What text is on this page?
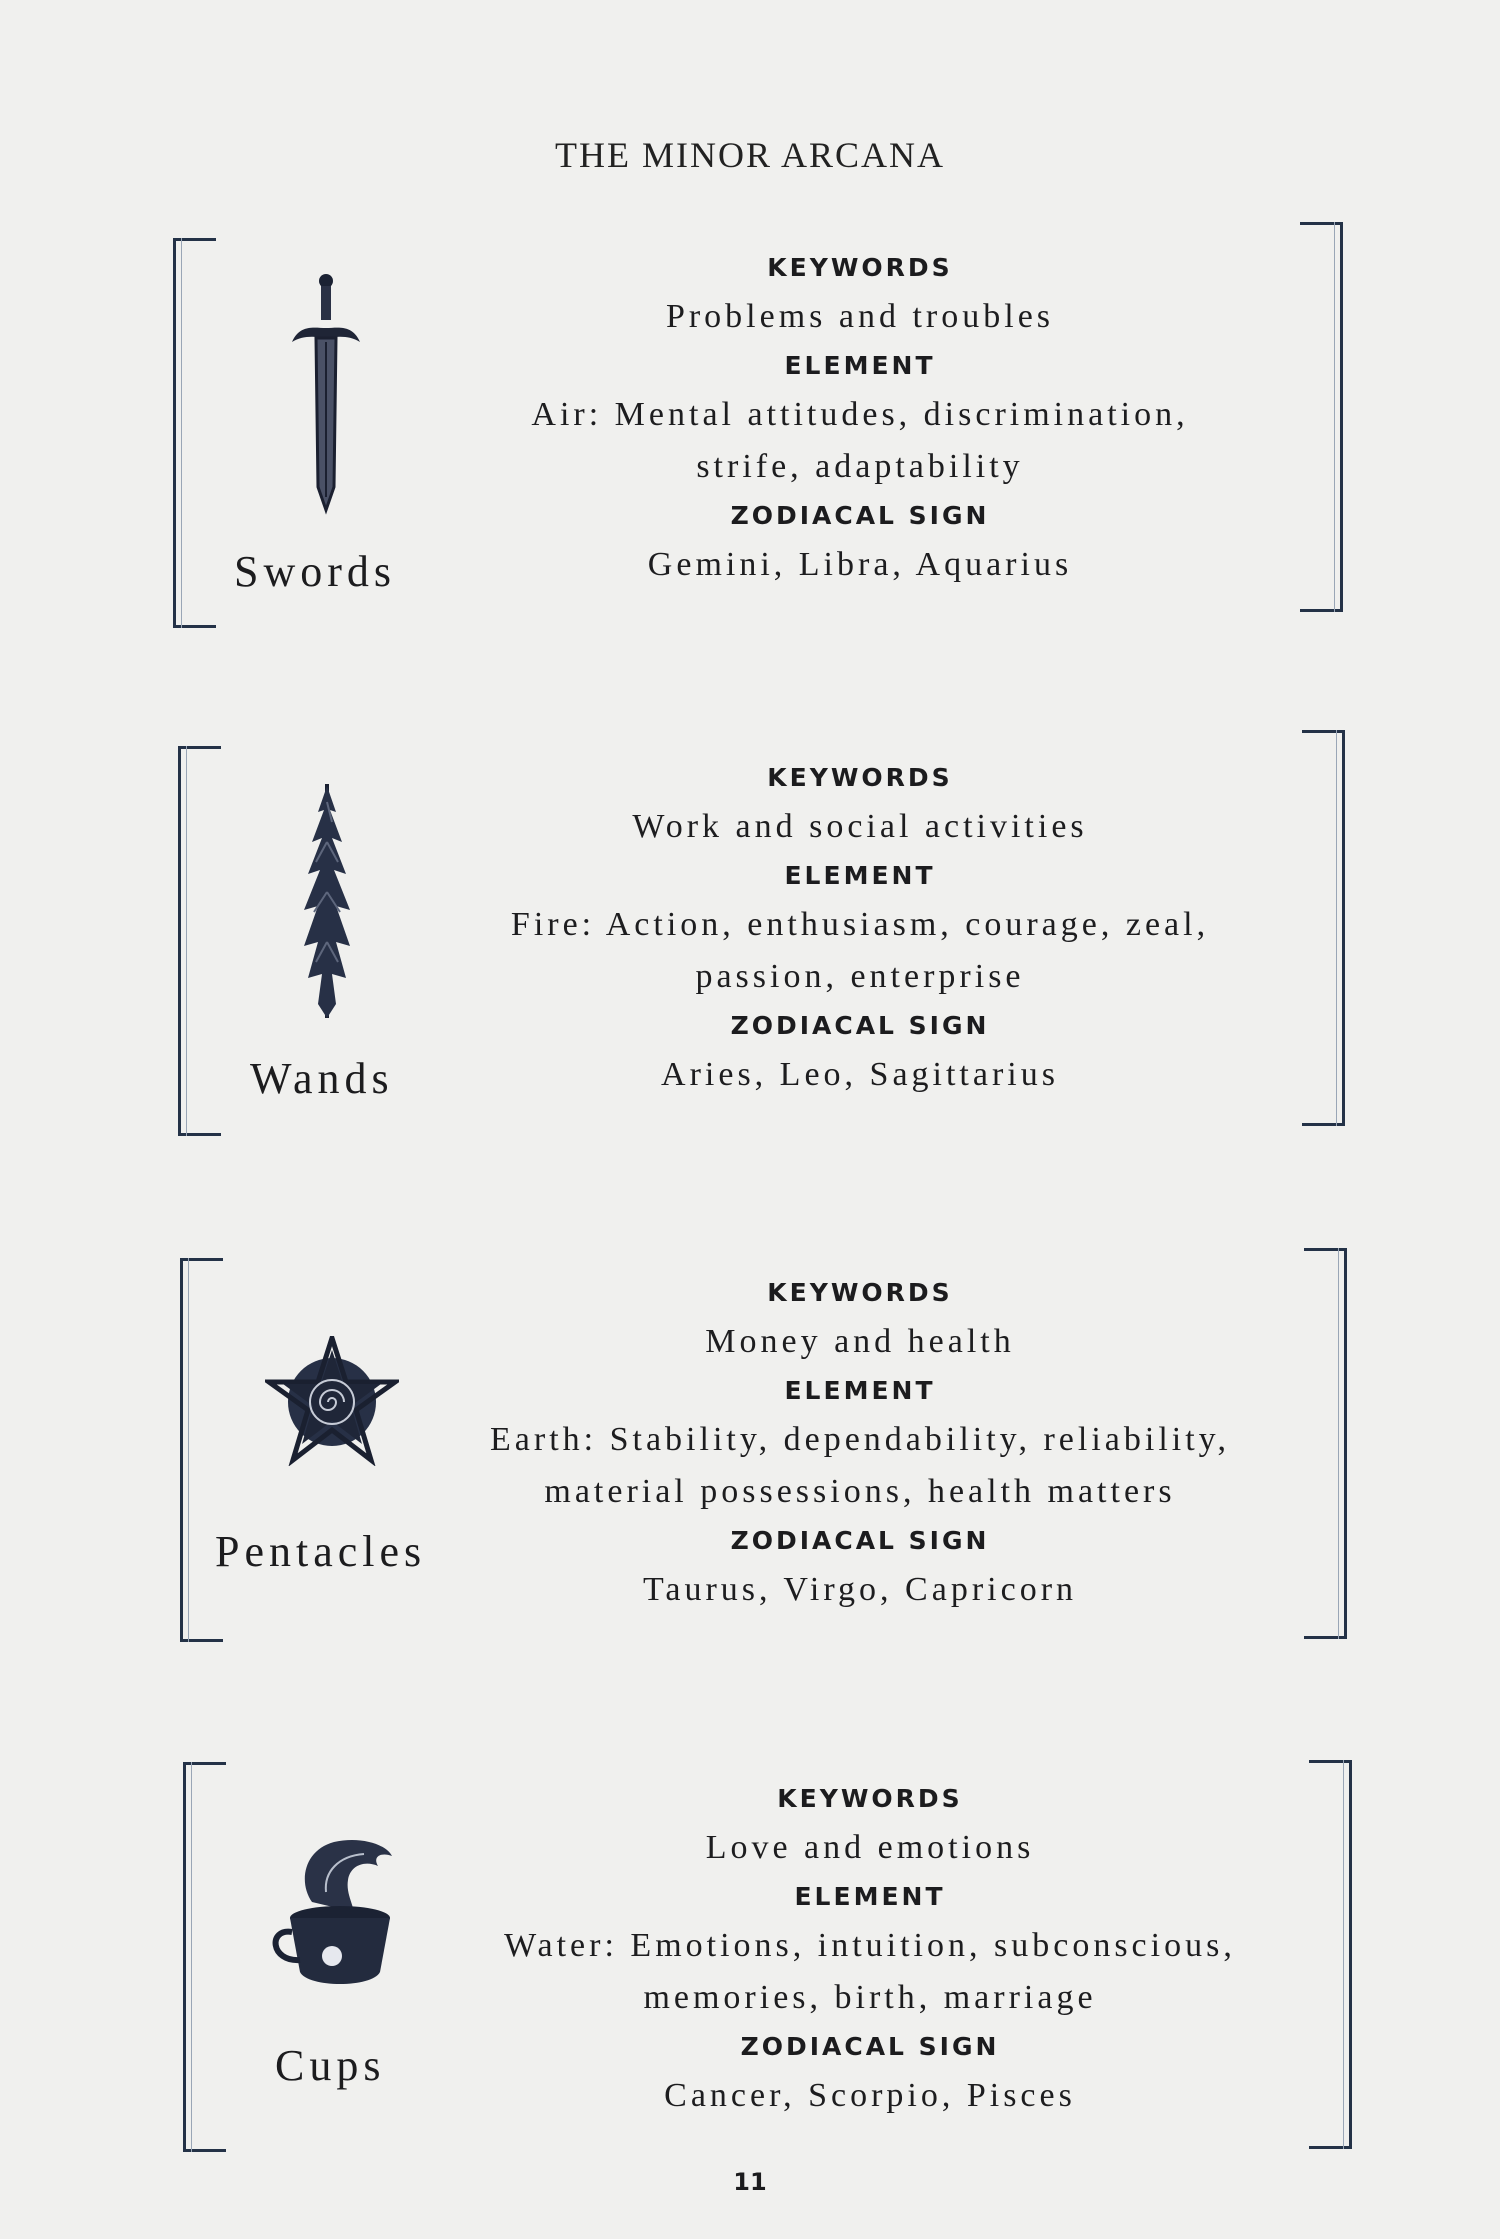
THE MINOR ARCANA
Swords
KEYWORDS
Problems and troubles
ELEMENT
Air: Mental attitudes, discrimination,
strife, adaptability
ZODIACAL SIGN
Gemini, Libra, Aquarius
Wands
KEYWORDS
Work and social activities
ELEMENT
Fire: Action, enthusiasm, courage, zeal,
passion, enterprise
ZODIACAL SIGN
Aries, Leo, Sagittarius
Pentacles
KEYWORDS
Money and health
ELEMENT
Earth: Stability, dependability, reliability,
material possessions, health matters
ZODIACAL SIGN
Taurus, Virgo, Capricorn
Cups
KEYWORDS
Love and emotions
ELEMENT
Water: Emotions, intuition, subconscious,
memories, birth, marriage
ZODIACAL SIGN
Cancer, Scorpio, Pisces
11
